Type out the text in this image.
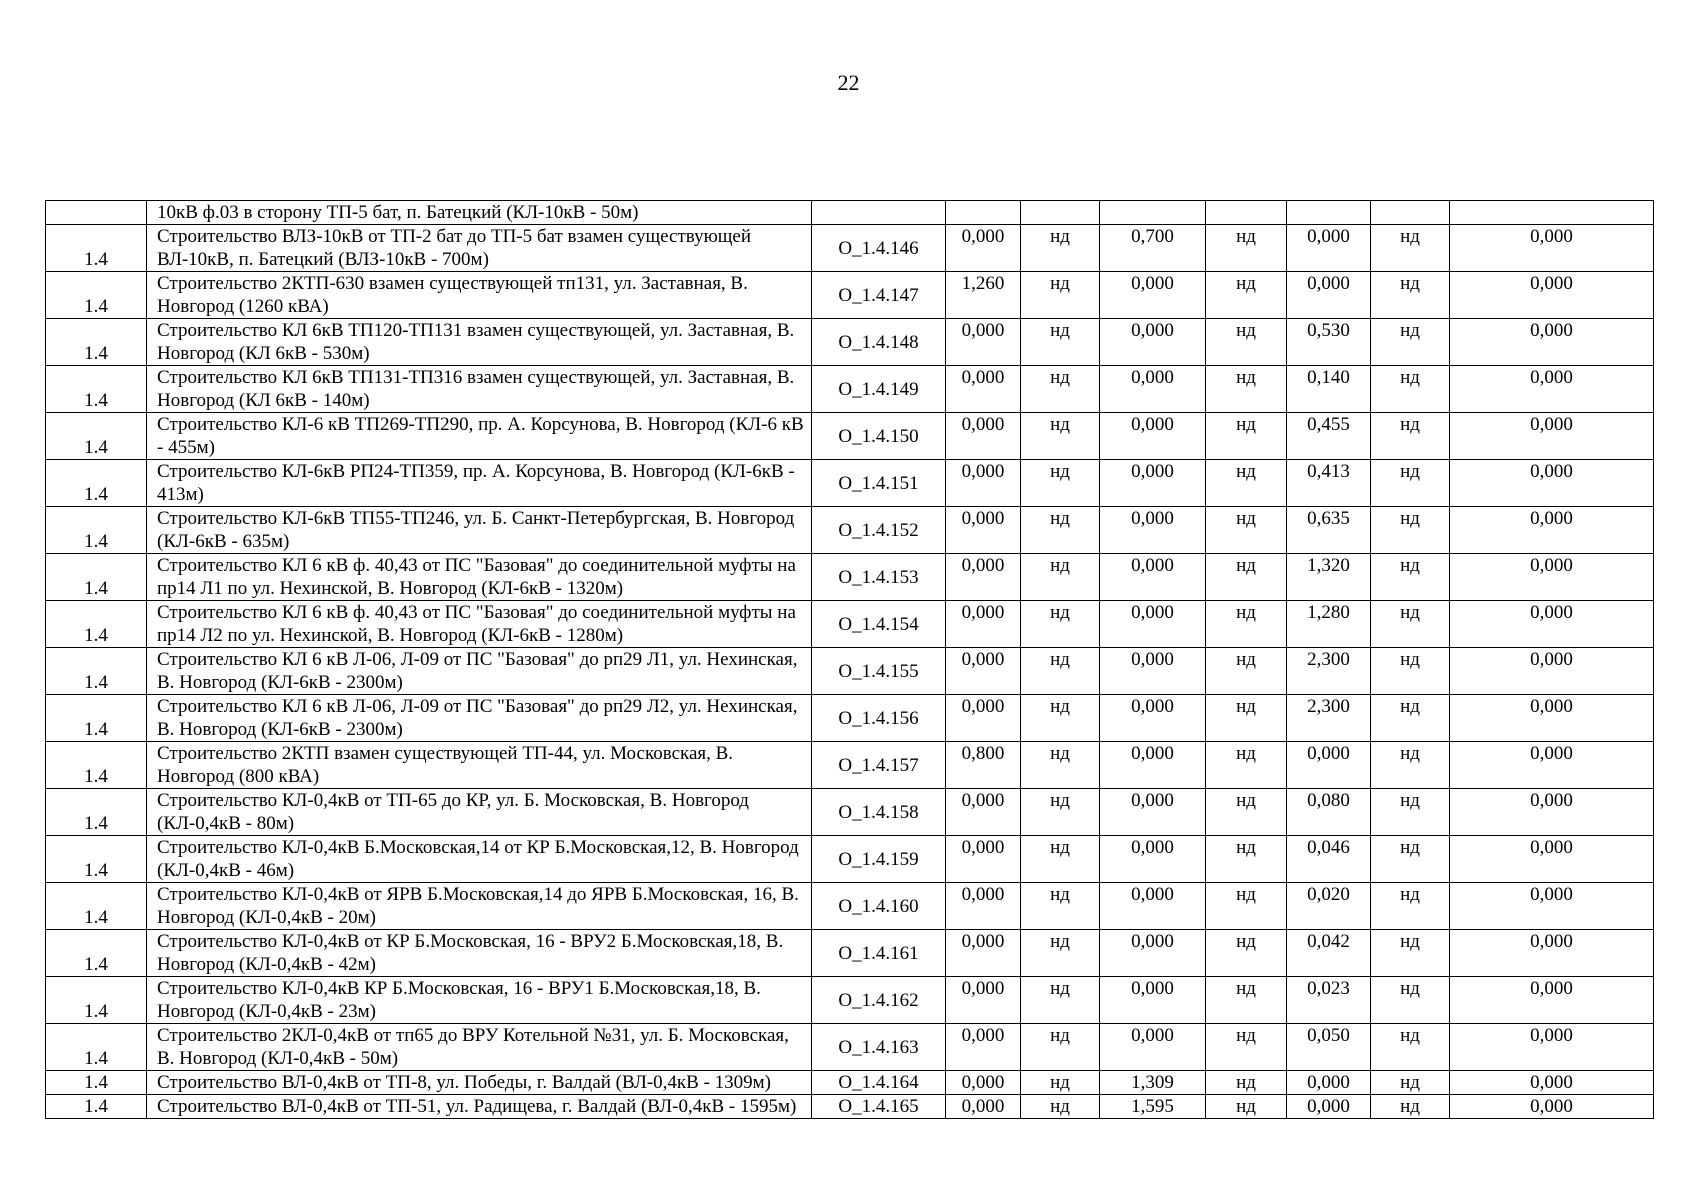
22
	10кВ ф.03 в сторону ТП-5 бат, п. Батецкий (КЛ-10кВ - 50м)								
1.4	Строительство ВЛЗ-10кВ от ТП-2 бат до ТП-5 бат взамен существующей ВЛ-10кВ, п. Батецкий (ВЛЗ-10кВ - 700м)	O_1.4.146	0,000	нд	0,700	нд	0,000	нд	0,000
1.4	Строительство 2КТП-630 взамен существующей тп131, ул. Заставная, В. Новгород (1260 кВА)	O_1.4.147	1,260	нд	0,000	нд	0,000	нд	0,000
1.4	Строительство КЛ 6кВ ТП120-ТП131 взамен существующей, ул. Заставная, В. Новгород (КЛ 6кВ - 530м)	O_1.4.148	0,000	нд	0,000	нд	0,530	нд	0,000
1.4	Строительство КЛ 6кВ ТП131-ТП316 взамен существующей, ул. Заставная, В. Новгород (КЛ 6кВ - 140м)	O_1.4.149	0,000	нд	0,000	нд	0,140	нд	0,000
1.4	Строительство КЛ-6 кВ ТП269-ТП290, пр. А. Корсунова, В. Новгород (КЛ-6 кВ - 455м)	O_1.4.150	0,000	нд	0,000	нд	0,455	нд	0,000
1.4	Строительство КЛ-6кВ РП24-ТП359, пр. А. Корсунова, В. Новгород (КЛ-6кВ - 413м)	O_1.4.151	0,000	нд	0,000	нд	0,413	нд	0,000
1.4	Строительство КЛ-6кВ ТП55-ТП246, ул. Б. Санкт-Петербургская, В. Новгород (КЛ-6кВ - 635м)	O_1.4.152	0,000	нд	0,000	нд	0,635	нд	0,000
1.4	Строительство КЛ 6 кВ ф. 40,43 от ПС "Базовая" до соединительной муфты на пр14 Л1 по ул. Нехинской, В. Новгород (КЛ-6кВ - 1320м)	O_1.4.153	0,000	нд	0,000	нд	1,320	нд	0,000
1.4	Строительство КЛ 6 кВ ф. 40,43 от ПС "Базовая" до соединительной муфты на пр14 Л2 по ул. Нехинской, В. Новгород (КЛ-6кВ - 1280м)	O_1.4.154	0,000	нд	0,000	нд	1,280	нд	0,000
1.4	Строительство КЛ 6 кВ Л-06, Л-09 от ПС "Базовая" до рп29 Л1, ул. Нехинская, В. Новгород (КЛ-6кВ - 2300м)	O_1.4.155	0,000	нд	0,000	нд	2,300	нд	0,000
1.4	Строительство КЛ 6 кВ Л-06, Л-09 от ПС "Базовая" до рп29 Л2, ул. Нехинская, В. Новгород (КЛ-6кВ - 2300м)	O_1.4.156	0,000	нд	0,000	нд	2,300	нд	0,000
1.4	Строительство 2КТП взамен существующей ТП-44, ул. Московская, В. Новгород (800 кВА)	O_1.4.157	0,800	нд	0,000	нд	0,000	нд	0,000
1.4	Строительство КЛ-0,4кВ от ТП-65 до КР, ул. Б. Московская, В. Новгород (КЛ-0,4кВ - 80м)	O_1.4.158	0,000	нд	0,000	нд	0,080	нд	0,000
1.4	Строительство КЛ-0,4кВ Б.Московская,14 от КР Б.Московская,12, В. Новгород (КЛ-0,4кВ - 46м)	O_1.4.159	0,000	нд	0,000	нд	0,046	нд	0,000
1.4	Строительство КЛ-0,4кВ от ЯРВ Б.Московская,14 до ЯРВ Б.Московская, 16, В. Новгород (КЛ-0,4кВ - 20м)	O_1.4.160	0,000	нд	0,000	нд	0,020	нд	0,000
1.4	Строительство КЛ-0,4кВ от КР Б.Московская, 16 - ВРУ2 Б.Московская,18, В. Новгород (КЛ-0,4кВ - 42м)	O_1.4.161	0,000	нд	0,000	нд	0,042	нд	0,000
1.4	Строительство КЛ-0,4кВ КР Б.Московская, 16 - ВРУ1 Б.Московская,18, В. Новгород (КЛ-0,4кВ - 23м)	O_1.4.162	0,000	нд	0,000	нд	0,023	нд	0,000
1.4	Строительство 2КЛ-0,4кВ от тп65 до ВРУ Котельной №31, ул. Б. Московская, В. Новгород (КЛ-0,4кВ - 50м)	O_1.4.163	0,000	нд	0,000	нд	0,050	нд	0,000
1.4	Строительство ВЛ-0,4кВ от ТП-8, ул. Победы, г. Валдай (ВЛ-0,4кВ - 1309м)	O_1.4.164	0,000	нд	1,309	нд	0,000	нд	0,000
1.4	Строительство ВЛ-0,4кВ от ТП-51, ул. Радищева, г. Валдай (ВЛ-0,4кВ - 1595м)	O_1.4.165	0,000	нд	1,595	нд	0,000	нд	0,000
